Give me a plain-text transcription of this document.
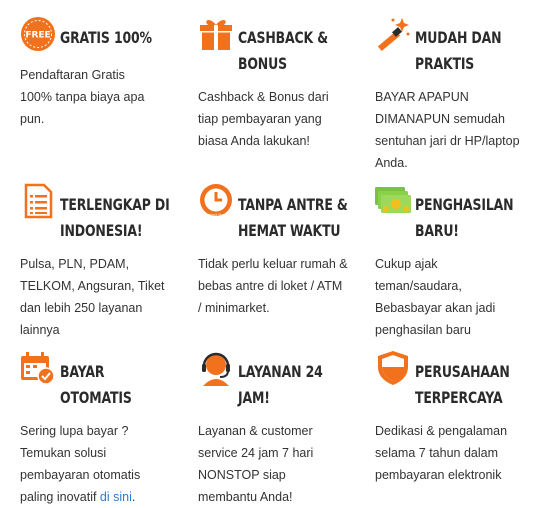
FREE GRATIS 100%

Pendaftaran Gratis 100% tanpa biaya apa pun.

CASHBACK &
BONUS

Cashback & Bonus dari tiap pembayaran yang biasa Anda lakukan!

MUDAH DAN
PRAKTIS

BAYAR APAPUN DIMANAPUN semudah sentuhan jari dr HP/laptop Anda.

TERLENGKAP DI
INDONESIA!

Pulsa, PLN, PDAM, TELKOM, Angsuran, Tiket dan lebih 250 layanan lainnya

Instant Start
TANPA ANTRE &
HEMAT WAKTU

Tidak perlu keluar rumah & bebas antre di loket / ATM / minimarket.

PENGHASILAN
BARU!

Cukup ajak teman/saudara, Bebasbayar akan jadi penghasilan baru

BAYAR
OTOMATIS

Sering lupa bayar ? Temukan solusi pembayaran otomatis paling inovatif di sini.

LAYANAN 24
JAM!

Layanan & customer service 24 jam 7 hari NONSTOP siap membantu Anda!

PERUSAHAAN
TERPERCAYA

Dedikasi & pengalaman selama 7 tahun dalam pembayaran elektronik
